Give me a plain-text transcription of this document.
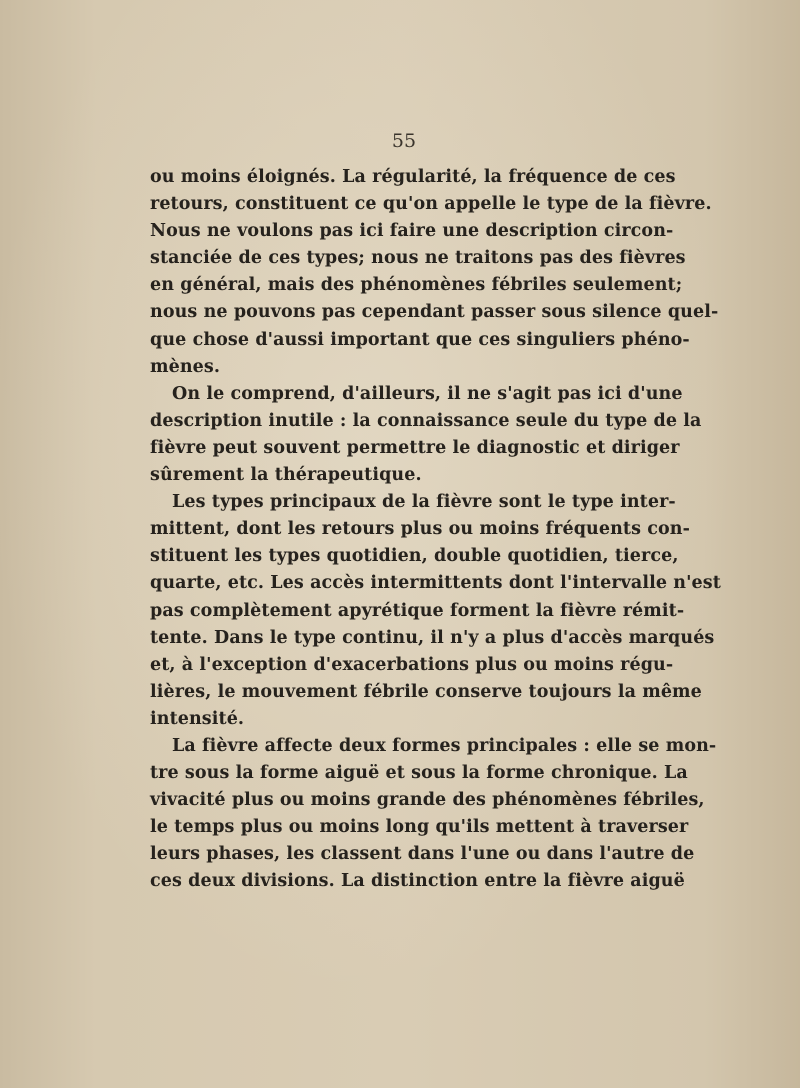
55
ou moins éloignés. La régularité, la fréquence de ces
retours, constituent ce qu'on appelle le type de la fièvre.
Nous ne voulons pas ici faire une description circon-
stanciée de ces types; nous ne traitons pas des fièvres
en général, mais des phénomènes fébriles seulement;
nous ne pouvons pas cependant passer sous silence quel-
que chose d'aussi important que ces singuliers phéno-
mènes.
On le comprend, d'ailleurs, il ne s'agit pas ici d'une
description inutile : la connaissance seule du type de la
fièvre peut souvent permettre le diagnostic et diriger
sûrement la thérapeutique.
Les types principaux de la fièvre sont le type inter-
mittent, dont les retours plus ou moins fréquents con-
stituent les types quotidien, double quotidien, tierce,
quarte, etc. Les accès intermittents dont l'intervalle n'est
pas complètement apyrétique forment la fièvre rémit-
tente. Dans le type continu, il n'y a plus d'accès marqués
et, à l'exception d'exacerbations plus ou moins régu-
lières, le mouvement fébrile conserve toujours la même
intensité.
La fièvre affecte deux formes principales : elle se mon-
tre sous la forme aiguë et sous la forme chronique. La
vivacité plus ou moins grande des phénomènes fébriles,
le temps plus ou moins long qu'ils mettent à traverser
leurs phases, les classent dans l'une ou dans l'autre de
ces deux divisions. La distinction entre la fièvre aiguë
